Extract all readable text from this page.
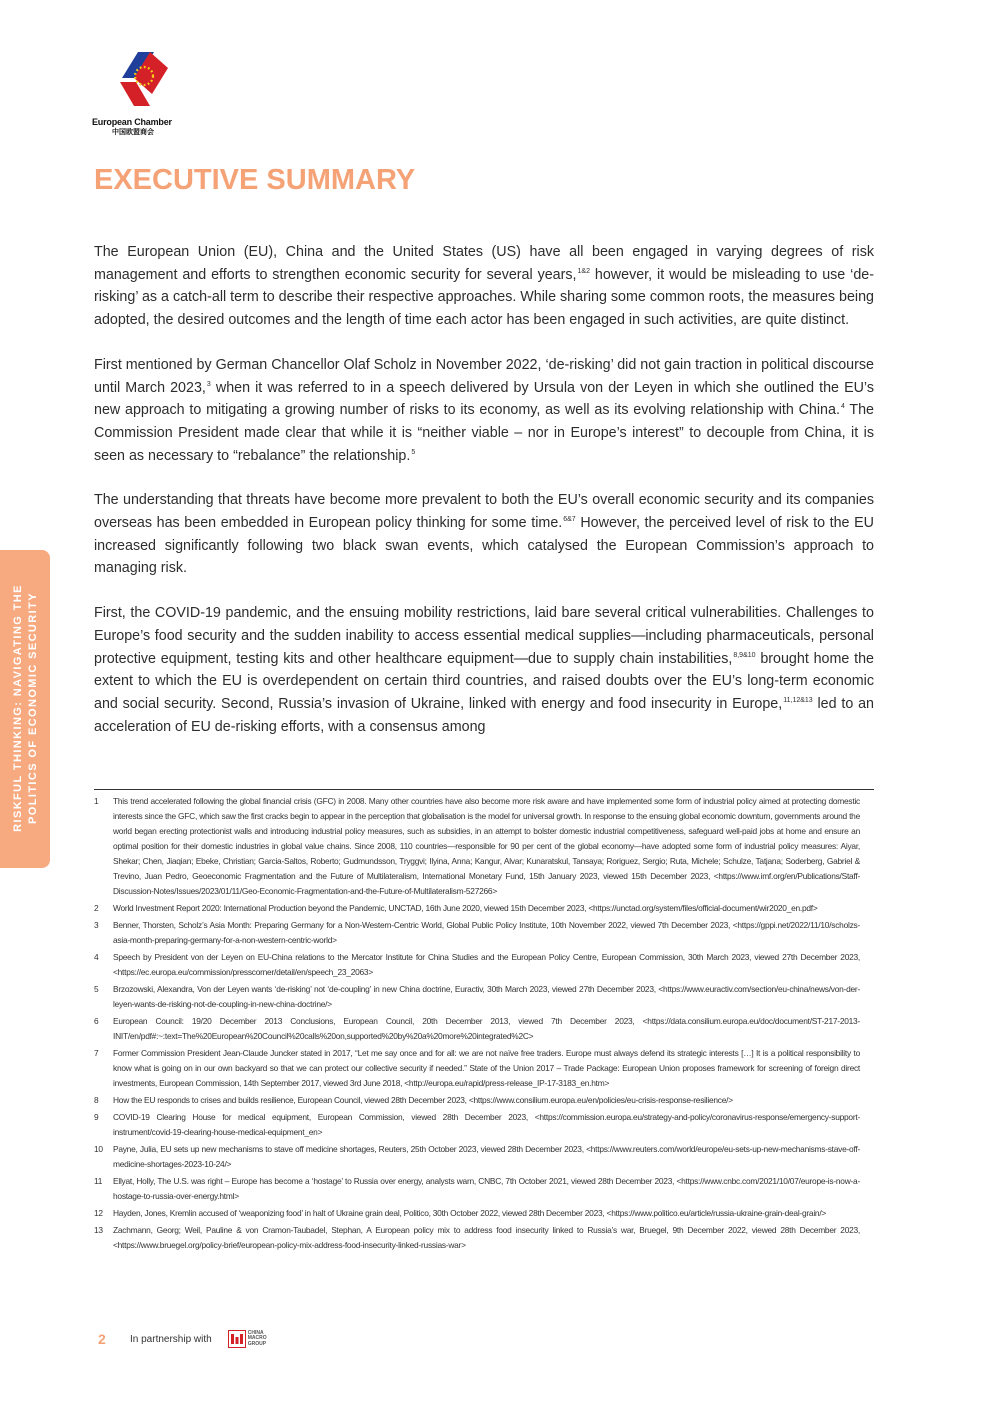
European Chamber
中国欧盟商会
EXECUTIVE SUMMARY

The European Union (EU), China and the United States (US) have all been engaged in varying degrees of risk management and efforts to strengthen economic security for several years,$^{1\&2}$ however, it would be misleading to use ‘de-risking’ as a catch-all term to describe their respective approaches. While sharing some common roots, the measures being adopted, the desired outcomes and the length of time each actor has been engaged in such activities, are quite distinct.

First mentioned by German Chancellor Olaf Scholz in November 2022, ‘de-risking’ did not gain traction in political discourse until March 2023,$^3$ when it was referred to in a speech delivered by Ursula von der Leyen in which she outlined the EU’s new approach to mitigating a growing number of risks to its economy, as well as its evolving relationship with China.$^4$ The Commission President made clear that while it is “neither viable – nor in Europe’s interest” to decouple from China, it is seen as necessary to “rebalance” the relationship.$^5$

The understanding that threats have become more prevalent to both the EU’s overall economic security and its companies overseas has been embedded in European policy thinking for some time.$^{6\&7}$ However, the perceived level of risk to the EU increased significantly following two black swan events, which catalysed the European Commission’s approach to managing risk.

First, the COVID-19 pandemic, and the ensuing mobility restrictions, laid bare several critical vulnerabilities. Challenges to Europe’s food security and the sudden inability to access essential medical supplies—including pharmaceuticals, personal protective equipment, testing kits and other healthcare equipment—due to supply chain instabilities,$^{8,9\&10}$ brought home the extent to which the EU is overdependent on certain third countries, and raised doubts over the EU’s long-term economic and social security. Second, Russia’s invasion of Ukraine, linked with energy and food insecurity in Europe,$^{11,12\&13}$ led to an acceleration of EU de-risking efforts, with a consensus among

RISKFUL THINKING: NAVIGATING THE POLITICS OF ECONOMIC SECURITY	1	This trend accelerated following the global financial crisis (GFC) in 2008. Many other countries have also become more risk aware and have implemented some form of industrial policy aimed at protecting domestic interests since the GFC, which saw the first cracks begin to appear in the perception that globalisation is the model for universal growth. In response to the ensuing global economic downturn, governments around the world began erecting protectionist walls and introducing industrial policy measures, such as subsidies, in an attempt to bolster domestic industrial competitiveness, safeguard well-paid jobs at home and ensure an optimal position for their domestic industries in global value chains. Since 2008, 110 countries—responsible for 90 per cent of the global economy—have adopted some form of industrial policy measures: Aiyar, Shekar; Chen, Jiaqian; Ebeke, Christian; Garcia-Saltos, Roberto; Gudmundsson, Tryggvi; Ilyina, Anna; Kangur, Alvar; Kunaratskul, Tansaya; Roriguez, Sergio; Ruta, Michele; Schulze, Tatjana; Soderberg, Gabriel & Trevino, Juan Pedro, Geoeconomic Fragmentation and the Future of Multilateralism, International Monetary Fund, 15th January 2023, viewed 15th December 2023, <https://www.imf.org/en/Publications/Staff-Discussion-Notes/Issues/2023/01/11/Geo-Economic-Fragmentation-and-the-Future-of-Multilateralism-527266>
2	World Investment Report 2020: International Production beyond the Pandemic, UNCTAD, 16th June 2020, viewed 15th December 2023, <https://unctad.org/system/files/official-document/wir2020_en.pdf>
3	Benner, Thorsten, Scholz’s Asia Month: Preparing Germany for a Non-Western-Centric World, Global Public Policy Institute, 10th November 2022, viewed 7th December 2023, <https://gppi.net/2022/11/10/scholzs-asia-month-preparing-germany-for-a-non-western-centric-world>
4	Speech by President von der Leyen on EU-China relations to the Mercator Institute for China Studies and the European Policy Centre, European Commission, 30th March 2023, viewed 27th December 2023, <https://ec.europa.eu/commission/presscorner/detail/en/speech_23_2063>
5	Brzozowski, Alexandra, Von der Leyen wants ‘de-risking’ not ‘de-coupling’ in new China doctrine, Euractiv, 30th March 2023, viewed 27th December 2023, <https://www.euractiv.com/section/eu-china/news/von-der-leyen-wants-de-risking-not-de-coupling-in-new-china-doctrine/>
6	European Council: 19/20 December 2013 Conclusions, European Council, 20th December 2013, viewed 7th December 2023, <https://data.consilium.europa.eu/doc/document/ST-217-2013-INIT/en/pdf#:~:text=The%20European%20Council%20calls%20on,supported%20by%20a%20more%20integrated%2C>
7	Former Commission President Jean-Claude Juncker stated in 2017, “Let me say once and for all: we are not naïve free traders. Europe must always defend its strategic interests […] It is a political responsibility to know what is going on in our own backyard so that we can protect our collective security if needed.” State of the Union 2017 – Trade Package: European Union proposes framework for screening of foreign direct investments, European Commission, 14th September 2017, viewed 3rd June 2018, <http://europa.eu/rapid/press-release_IP-17-3183_en.htm>
8	How the EU responds to crises and builds resilience, European Council, viewed 28th December 2023, <https://www.consilium.europa.eu/en/policies/eu-crisis-response-resilience/>
9	COVID-19 Clearing House for medical equipment, European Commission, viewed 28th December 2023, <https://commission.europa.eu/strategy-and-policy/coronavirus-response/emergency-support-instrument/covid-19-clearing-house-medical-equipment_en>
10	Payne, Julia, EU sets up new mechanisms to stave off medicine shortages, Reuters, 25th October 2023, viewed 28th December 2023, <https://www.reuters.com/world/europe/eu-sets-up-new-mechanisms-stave-off-medicine-shortages-2023-10-24/>
11	Ellyat, Holly, The U.S. was right – Europe has become a ‘hostage’ to Russia over energy, analysts warn, CNBC, 7th October 2021, viewed 28th December 2023, <https://www.cnbc.com/2021/10/07/europe-is-now-a-hostage-to-russia-over-energy.html>
12	Hayden, Jones, Kremlin accused of ‘weaponizing food’ in halt of Ukraine grain deal, Politico, 30th October 2022, viewed 28th December 2023, <https://www.politico.eu/article/russia-ukraine-grain-deal-grain/>
13	Zachmann, Georg; Weil, Pauline & von Cramon-Taubadel, Stephan, A European policy mix to address food insecurity linked to Russia’s war, Bruegel, 9th December 2022, viewed 28th December 2023, <https://www.bruegel.org/policy-brief/european-policy-mix-address-food-insecurity-linked-russias-war>
2	In partnership with
CHINA MACRO GROUP
